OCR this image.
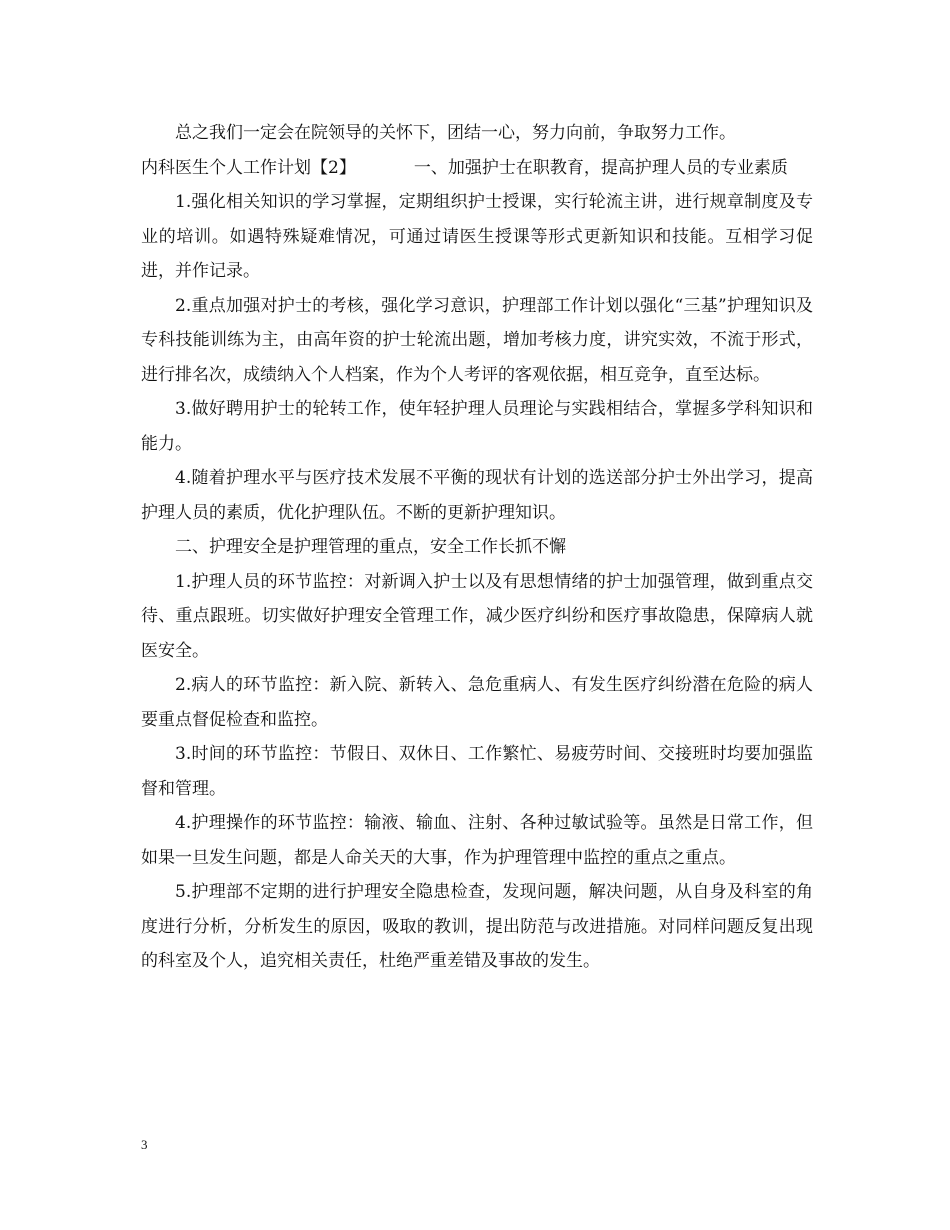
总之我们一定会在院领导的关怀下，团结一心，努力向前，争取努力工作。

内科医生个人工作计划【2】	一、加强护士在职教育，提高护理人员的专业素质

1.强化相关知识的学习掌握，定期组织护士授课，实行轮流主讲，进行规章制度及专业的培训。如遇特殊疑难情况，可通过请医生授课等形式更新知识和技能。互相学习促进，并作记录。

2.重点加强对护士的考核，强化学习意识，护理部工作计划以强化“三基”护理知识及专科技能训练为主，由高年资的护士轮流出题，增加考核力度，讲究实效，不流于形式，进行排名次，成绩纳入个人档案，作为个人考评的客观依据，相互竞争，直至达标。

3.做好聘用护士的轮转工作，使年轻护理人员理论与实践相结合，掌握多学科知识和能力。

4.随着护理水平与医疗技术发展不平衡的现状有计划的选送部分护士外出学习，提高护理人员的素质，优化护理队伍。不断的更新护理知识。

二、护理安全是护理管理的重点，安全工作长抓不懈

1.护理人员的环节监控：对新调入护士以及有思想情绪的护士加强管理，做到重点交待、重点跟班。切实做好护理安全管理工作，减少医疗纠纷和医疗事故隐患，保障病人就医安全。

2.病人的环节监控：新入院、新转入、急危重病人、有发生医疗纠纷潜在危险的病人要重点督促检查和监控。

3.时间的环节监控：节假日、双休日、工作繁忙、易疲劳时间、交接班时均要加强监督和管理。

4.护理操作的环节监控：输液、输血、注射、各种过敏试验等。虽然是日常工作，但如果一旦发生问题，都是人命关天的大事，作为护理管理中监控的重点之重点。

5.护理部不定期的进行护理安全隐患检查，发现问题，解决问题，从自身及科室的角度进行分析，分析发生的原因，吸取的教训，提出防范与改进措施。对同样问题反复出现的科室及个人，追究相关责任，杜绝严重差错及事故的发生。

3
